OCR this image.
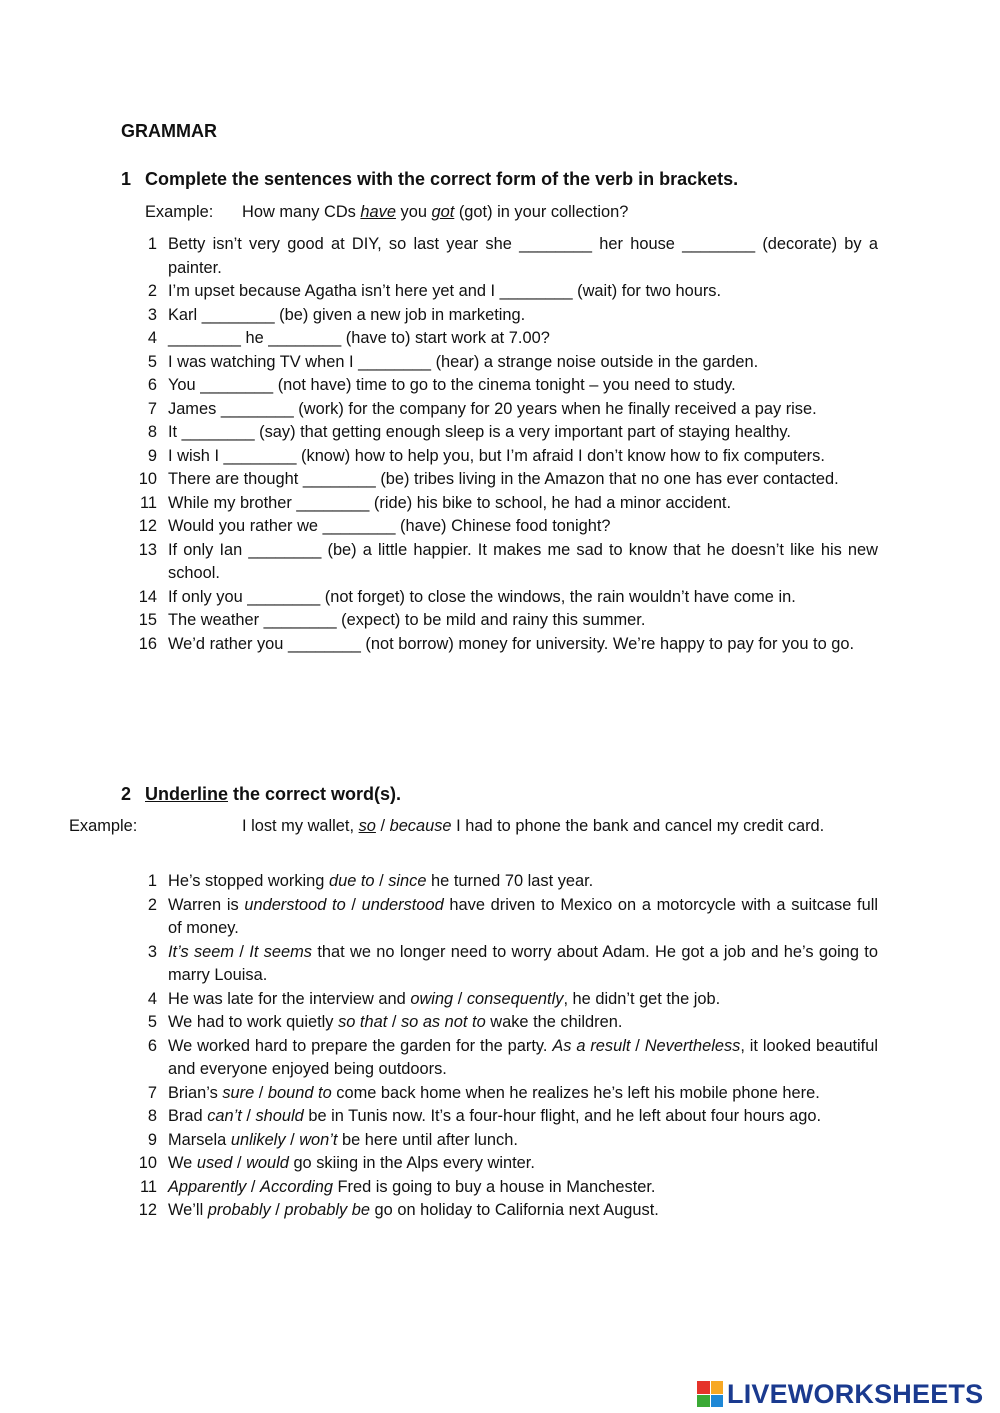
GRAMMAR
1 Complete the sentences with the correct form of the verb in brackets.

Example: How many CDs have you got (got) in your collection?

1 Betty isn’t very good at DIY, so last year she ________ her house ________ (decorate) by a painter.
2 I’m upset because Agatha isn’t here yet and I ________ (wait) for two hours.
3 Karl ________ (be) given a new job in marketing.
4 ________ he ________ (have to) start work at 7.00?
5 I was watching TV when I ________ (hear) a strange noise outside in the garden.
6 You ________ (not have) time to go to the cinema tonight – you need to study.
7 James ________ (work) for the company for 20 years when he finally received a pay rise.
8 It ________ (say) that getting enough sleep is a very important part of staying healthy.
9 I wish I ________ (know) how to help you, but I’m afraid I don’t know how to fix computers.
10 There are thought ________ (be) tribes living in the Amazon that no one has ever contacted.
11 While my brother ________ (ride) his bike to school, he had a minor accident.
12 Would you rather we ________ (have) Chinese food tonight?
13 If only Ian ________ (be) a little happier. It makes me sad to know that he doesn’t like his new school.
14 If only you ________ (not forget) to close the windows, the rain wouldn’t have come in.
15 The weather ________ (expect) to be mild and rainy this summer.
16 We’d rather you ________ (not borrow) money for university. We’re happy to pay for you to go.
2 Underline the correct word(s).

Example:	I lost my wallet, so / because I had to phone the bank and cancel my credit card.

1 He’s stopped working due to / since he turned 70 last year.
2 Warren is understood to / understood have driven to Mexico on a motorcycle with a suitcase full of money.
3 It’s seem / It seems that we no longer need to worry about Adam. He got a job and he’s going to marry Louisa.
4 He was late for the interview and owing / consequently, he didn’t get the job.
5 We had to work quietly so that / so as not to wake the children.
6 We worked hard to prepare the garden for the party. As a result / Nevertheless, it looked beautiful and everyone enjoyed being outdoors.
7 Brian’s sure / bound to come back home when he realizes he’s left his mobile phone here.
8 Brad can’t / should be in Tunis now. It’s a four-hour flight, and he left about four hours ago.
9 Marsela unlikely / won’t be here until after lunch.
10 We used / would go skiing in the Alps every winter.
11 Apparently / According Fred is going to buy a house in Manchester.
12 We’ll probably / probably be go on holiday to California next August.
LIVEWORKSHEETS
